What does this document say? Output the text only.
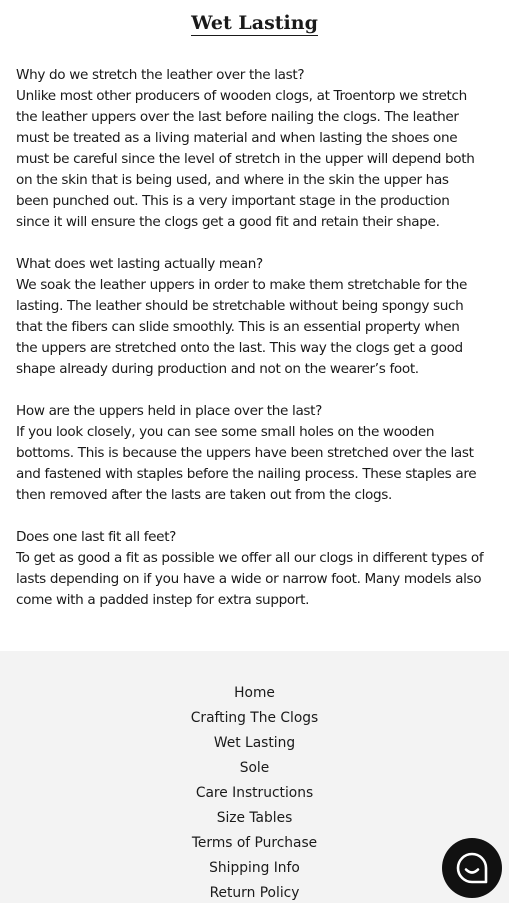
Wet Lasting

Why do we stretch the leather over the last?

Unlike most other producers of wooden clogs, at Troentorp we stretch the leather uppers over the last before nailing the clogs. The leather must be treated as a living material and when lasting the shoes one must be careful since the level of stretch in the upper will depend both on the skin that is being used, and where in the skin the upper has been punched out. This is a very important stage in the production since it will ensure the clogs get a good fit and retain their shape.

What does wet lasting actually mean?

We soak the leather uppers in order to make them stretchable for the lasting. The leather should be stretchable without being spongy such that the fibers can slide smoothly. This is an essential property when the uppers are stretched onto the last. This way the clogs get a good shape already during production and not on the wearer’s foot.

How are the uppers held in place over the last?

If you look closely, you can see some small holes on the wooden bottoms. This is because the uppers have been stretched over the last and fastened with staples before the nailing process. These staples are then removed after the lasts are taken out from the clogs.

Does one last fit all feet?

To get as good a fit as possible we offer all our clogs in different types of lasts depending on if you have a wide or narrow foot. Many models also come with a padded instep for extra support.

Home
Crafting The Clogs
Wet Lasting
Sole
Care Instructions
Size Tables
Terms of Purchase
Shipping Info
Return Policy
